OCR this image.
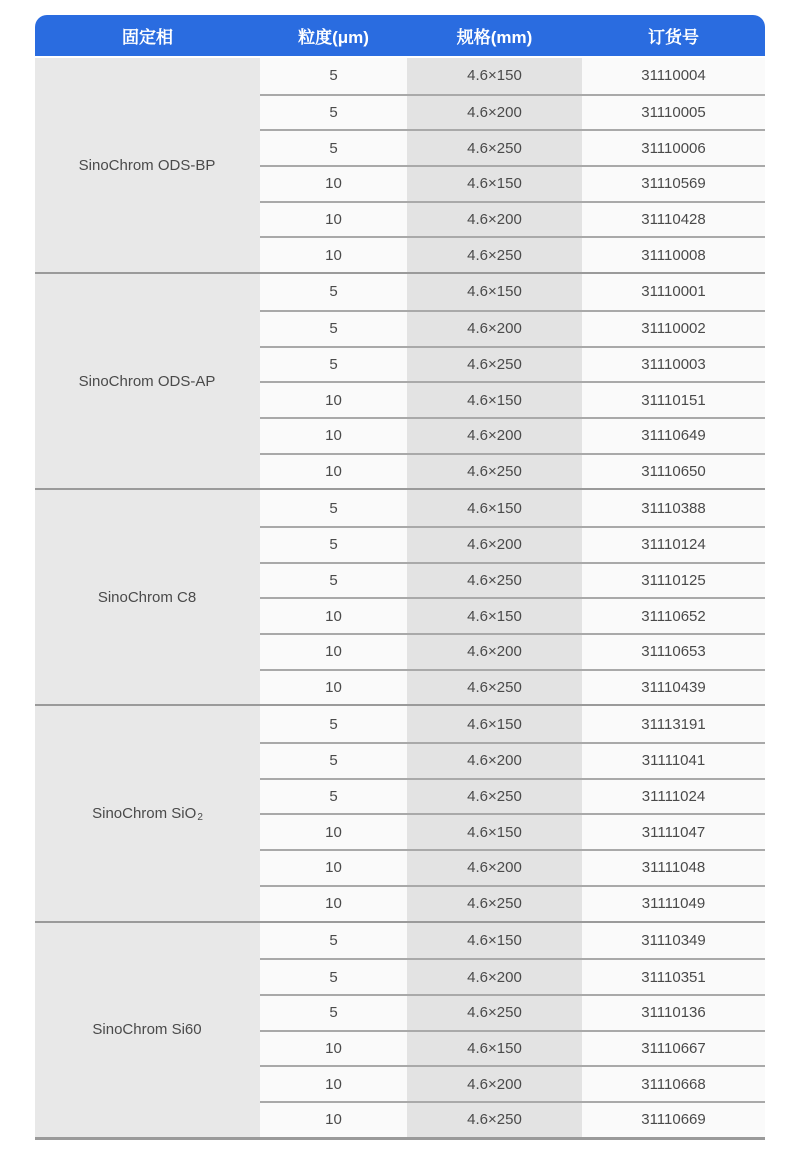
固定相	粒度(μm)	规格(mm)	订货号
SinoChrom ODS-BP
5	4.6×150	31110004
5	4.6×200	31110005
5	4.6×250	31110006
10	4.6×150	31110569
10	4.6×200	31110428
10	4.6×250	31110008
SinoChrom ODS-AP
5	4.6×150	31110001
5	4.6×200	31110002
5	4.6×250	31110003
10	4.6×150	31110151
10	4.6×200	31110649
10	4.6×250	31110650
SinoChrom C8
5	4.6×150	31110388
5	4.6×200	31110124
5	4.6×250	31110125
10	4.6×150	31110652
10	4.6×200	31110653
10	4.6×250	31110439
SinoChrom SiO 2
5	4.6×150	31113191
5	4.6×200	31111041
5	4.6×250	31111024
10	4.6×150	31111047
10	4.6×200	31111048
10	4.6×250	31111049
SinoChrom Si60
5	4.6×150	31110349
5	4.6×200	31110351
5	4.6×250	31110136
10	4.6×150	31110667
10	4.6×200	31110668
10	4.6×250	31110669
